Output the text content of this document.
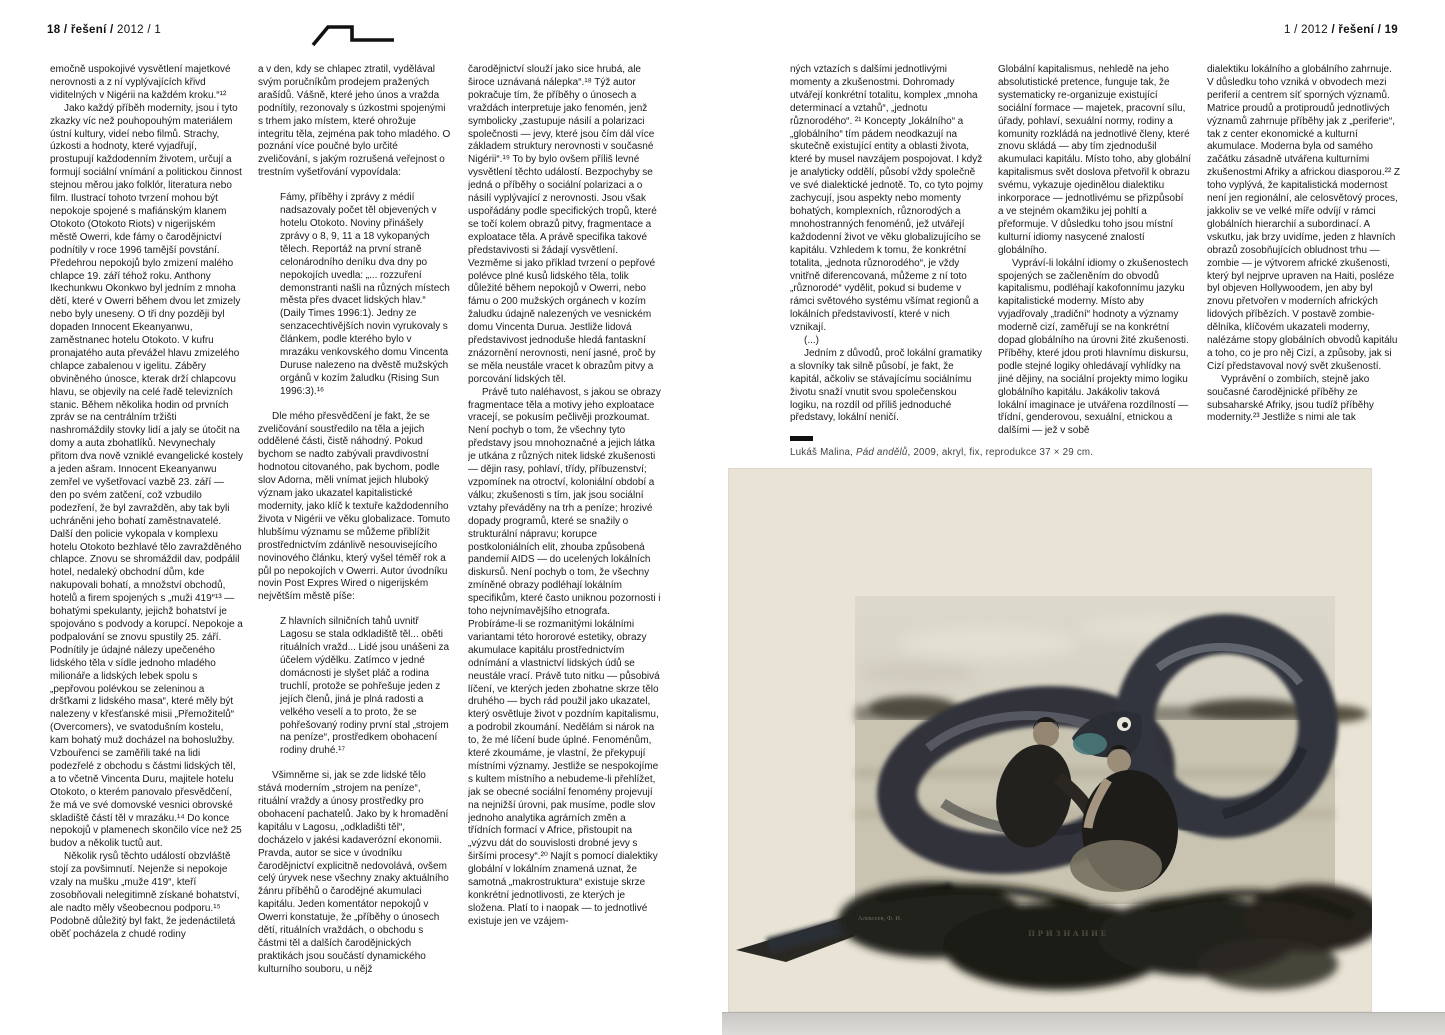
18 / řešení / 2012 / 1	1 / 2012 / řešení / 19

emočně uspokojivé vysvětlení majetkové nerovnosti a z ní vyplývajících křivd viditelných v Nigérii na každém kroku.“¹²

Jako každý příběh modernity, jsou i tyto zkazky víc než pouhopouhým materiálem ústní kultury, videí nebo filmů. Strachy, úzkosti a hodnoty, které vyjadřují, prostupují každodenním životem, určují a formují sociální vnímání a politickou činnost stejnou měrou jako folklór, literatura nebo film. Ilustrací tohoto tvrzení mohou být nepokoje spojené s mafiánským klanem Otokoto (Otokoto Riots) v nigerijském městě Owerri, kde fámy o čarodějnictví podnítily v roce 1996 tamější povstání. Předehrou nepokojů bylo zmizení malého chlapce 19. září téhož roku. Anthony Ikechunkwu Okonkwo byl jedním z mnoha dětí, které v Owerri během dvou let zmizely nebo byly uneseny. O tři dny později byl dopaden Innocent Ekeanyanwu, zaměstnanec hotelu Otokoto. V kufru pronajatého auta převážel hlavu zmizelého chlapce zabalenou v igelitu. Záběry obviněného únosce, kterak drží chlapcovu hlavu, se objevily na celé řadě televizních stanic. Během několika hodin od prvních zpráv se na centrálním tržišti nashromáždily stovky lidí a jaly se útočit na domy a auta zbohatlíků. Nevynechaly přitom dva nově vzniklé evangelické kostely a jeden ašram. Innocent Ekeanyanwu zemřel ve vyšetřovací vazbě 23. září — den po svém zatčení, což vzbudilo podezření, že byl zavražděn, aby tak byli uchráněni jeho bohatí zaměstnavatelé. Další den policie vykopala v komplexu hotelu Otokoto bezhlavé tělo zavražděného chlapce. Znovu se shromáždil dav, podpálil hotel, nedaleký obchodní dům, kde nakupovali bohatí, a množství obchodů, hotelů a firem spojených s „muži 419“¹³ — bohatými spekulanty, jejichž bohatství je spojováno s podvody a korupcí. Nepokoje a podpalování se znovu spustily 25. září. Podnítily je údajné nálezy upečeného lidského těla v sídle jednoho mladého milionáře a lidských lebek spolu s „pepřovou polévkou se zeleninou a dršťkami z lidského masa“, které měly být nalezeny v křesťanské misii „Přemožitelů“ (Overcomers), ve svatodušním kostelu, kam bohatý muž docházel na bohoslužby. Vzbouřenci se zaměřili také na lidi podezřelé z obchodu s částmi lidských těl, a to včetně Vincenta Duru, majitele hotelu Otokoto, o kterém panovalo přesvědčení, že má ve své domovské vesnici obrovské skladiště částí těl v mrazáku.¹⁴ Do konce nepokojů v plamenech skončilo více než 25 budov a několik tuctů aut.

Několik rysů těchto událostí obzvláště stojí za povšimnutí. Nejenže si nepokoje vzaly na mušku „muže 419“, kteří zosobňovali nelegitimně získané bohatství, ale nadto měly všeobecnou podporu.¹⁵ Podobně důležitý byl fakt, že jedenáctiletá oběť pocházela z chudé rodiny

a v den, kdy se chlapec ztratil, vydělával svým poručníkům prodejem pražených arašídů. Vášně, které jeho únos a vražda podnítily, rezonovaly s úzkostmi spojenými s trhem jako místem, které ohrožuje integritu těla, zejména pak toho mladého. O poznání více poučné bylo určité zveličování, s jakým rozrušená veřejnost o trestním vyšetřování vypovídala:

Fámy, příběhy i zprávy z médií nadsazovaly počet těl objevených v hotelu Otokoto. Noviny přinášely zprávy o 8, 9, 11 a 18 vykopaných tělech. Reportáž na první straně celonárodního deníku dva dny po nepokojích uvedla: „... rozzuření demonstranti našli na různých místech města přes dvacet lidských hlav.“ (Daily Times 1996:1). Jedny ze senzacechtivějších novin vyrukovaly s článkem, podle kterého bylo v mrazáku venkovského domu Vincenta Duruse nalezeno na dvěstě mužských orgánů v kozím žaludku (Rising Sun 1996:3).¹⁶

Dle mého přesvědčení je fakt, že se zveličování soustředilo na těla a jejich oddělené části, čistě náhodný. Pokud bychom se nadto zabývali pravdivostní hodnotou citovaného, pak bychom, podle slov Adorna, měli vnímat jejich hluboký význam jako ukazatel kapitalistické modernity, jako klíč k textuře každodenního života v Nigérii ve věku globalizace. Tomuto hlubšímu významu se můžeme přiblížit prostřednictvím zdánlivě nesouvisejícího novinového článku, který vyšel téměř rok a půl po nepokojích v Owerri. Autor úvodníku novin Post Expres Wired o nigerijském největším městě píše:

Z hlavních silničních tahů uvnitř Lagosu se stala odkladiště těl... oběti rituálních vražd... Lidé jsou unášeni za účelem výdělku. Zatímco v jedné domácnosti je slyšet pláč a rodina truchlí, protože se pohřešuje jeden z jejích členů, jiná je plná radosti a velkého veselí a to proto, že se pohřešovaný rodiny první stal „strojem na peníze“, prostředkem obohacení rodiny druhé.¹⁷

Všimněme si, jak se zde lidské tělo stává moderním „strojem na peníze“, rituální vraždy a únosy prostředky pro obohacení pachatelů. Jako by k hromadění kapitálu v Lagosu, „odkladišti těl“, docházelo v jakési kadaverózní ekonomii. Pravda, autor se sice v úvodníku čarodějnictví explicitně nedovolává, ovšem celý úryvek nese všechny znaky aktuálního žánru příběhů o čarodějné akumulaci kapitálu. Jeden komentátor nepokojů v Owerri konstatuje, že „příběhy o únosech dětí, rituálních vraždách, o obchodu s částmi těl a dalších čarodějnických praktikách jsou součástí dynamického kulturního souboru, u nějž

čarodějnictví slouží jako sice hrubá, ale široce uznávaná nálepka“.¹⁸ Týž autor pokračuje tím, že příběhy o únosech a vraždách interpretuje jako fenomén, jenž symbolicky „zastupuje násilí a polarizaci společnosti — jevy, které jsou čím dál více základem struktury nerovnosti v současné Nigérii“.¹⁹ To by bylo ovšem příliš levné vysvětlení těchto událostí. Bezpochyby se jedná o příběhy o sociální polarizaci a o násilí vyplývající z nerovnosti. Jsou však uspořádány podle specifických tropů, které se točí kolem obrazů pitvy, fragmentace a exploatace těla. A právě specifika takové představivosti si žádají vysvětlení. Vezměme si jako příklad tvrzení o pepřové polévce plné kusů lidského těla, tolik důležité během nepokojů v Owerri, nebo fámu o 200 mužských orgánech v kozím žaludku údajně nalezených ve vesnickém domu Vincenta Durua. Jestliže lidová představivost jednoduše hledá fantaskní znázornění nerovnosti, není jasné, proč by se měla neustále vracet k obrazům pitvy a porcování lidských těl.

Právě tuto naléhavost, s jakou se obrazy fragmentace těla a motivy jeho exploatace vracejí, se pokusím pečlivěji prozkoumat. Není pochyb o tom, že všechny tyto představy jsou mnohoznačné a jejich látka je utkána z různých nitek lidské zkušenosti — dějin rasy, pohlaví, třídy, příbuzenství; vzpomínek na otroctví, koloniální období a válku; zkušenosti s tím, jak jsou sociální vztahy převáděny na trh a peníze; hrozivé dopady programů, které se snažily o strukturální nápravu; korupce postkoloniálních elit, zhouba způsobená pandemií AIDS — do ucelených lokálních diskursů. Není pochyb o tom, že všechny zmíněné obrazy podléhají lokálním specifikům, které často uniknou pozornosti i toho nejvnímavějšího etnografa. Probíráme-li se rozmanitými lokálními variantami této hororové estetiky, obrazy akumulace kapitálu prostřednictvím odnímání a vlastnictví lidských údů se neustále vrací. Právě tuto nitku — působivá líčení, ve kterých jeden zbohatne skrze tělo druhého — bych rád použil jako ukazatel, který osvětluje život v pozdním kapitalismu, a podrobil zkoumání. Nedělám si nárok na to, že mé líčení bude úplné. Fenoménům, které zkoumáme, je vlastní, že překypují místními významy. Jestliže se nespokojíme s kultem místního a nebudeme-li přehlížet, jak se obecné sociální fenomény projevují na nejnižší úrovni, pak musíme, podle slov jednoho analytika agrárních změn a třídních formací v Africe, přistoupit na „výzvu dát do souvislosti drobné jevy s širšími procesy“.²⁰ Najít s pomocí dialektiky globální v lokálním znamená uznat, že samotná „makrostruktura“ existuje skrze konkrétní jednotlivosti, ze kterých je složena. Platí to i naopak — to jednotlivé existuje jen ve vzájem-

ných vztazích s dalšími jednotlivými momenty a zkušenostmi. Dohromady utvářejí konkrétní totalitu, komplex „mnoha determinací a vztahů“, „jednotu různorodého“. ²¹ Koncepty „lokálního“ a „globálního“ tím pádem neodkazují na skutečně existující entity a oblasti života, které by musel navzájem pospojovat. I když je analyticky oddělí, působí vždy společně ve své dialektické jednotě. To, co tyto pojmy zachycují, jsou aspekty nebo momenty bohatých, komplexních, různorodých a mnohostranných fenoménů, jež utvářejí každodenní život ve věku globalizujícího se kapitálu. Vzhledem k tomu, že konkrétní totalita, „jednota různorodého“, je vždy vnitřně diferencovaná, můžeme z ní toto „různorodé“ vydělit, pokud si budeme v rámci světového systému všímat regionů a lokálních představivostí, které v nich vznikají.

(...)

Jedním z důvodů, proč lokální gramatiky a slovníky tak silně působí, je fakt, že kapitál, ačkoliv se stávajícímu sociálnímu životu snaží vnutit svou společenskou logiku, na rozdíl od příliš jednoduché představy, lokální neničí.

Globální kapitalismus, nehledě na jeho absolutistické pretence, funguje tak, že systematicky re-organizuje existující sociální formace — majetek, pracovní sílu, úřady, pohlaví, sexuální normy, rodiny a komunity rozkládá na jednotlivé členy, které znovu skládá — aby tím zjednodušil akumulaci kapitálu. Místo toho, aby globální kapitalismus svět doslova přetvořil k obrazu svému, vykazuje ojedinělou dialektiku inkorporace — jednotlivému se přizpůsobí a ve stejném okamžiku jej pohltí a přeformuje. V důsledku toho jsou místní kulturní idiomy nasycené znalostí globálního.

Vypráví-li lokální idiomy o zkušenostech spojených se začleněním do obvodů kapitalismu, podléhají kakofonnímu jazyku kapitalistické moderny. Místo aby vyjadřovaly „tradiční“ hodnoty a významy moderně cizí, zaměřují se na konkrétní dopad globálního na úrovni žité zkušenosti. Příběhy, které jdou proti hlavnímu diskursu, podle stejné logiky ohledávají vyhlídky na jiné dějiny, na sociální projekty mimo logiku globálního kapitálu. Jakákoliv taková lokální imaginace je utvářena rozdílností — třídní, genderovou, sexuální, etnickou a dalšími — jež v sobě

dialektiku lokálního a globálního zahrnuje. V důsledku toho vzniká v obvodech mezi periferií a centrem síť sporných významů. Matrice proudů a protiproudů jednotlivých významů zahrnuje příběhy jak z „periferie“, tak z center ekonomické a kulturní akumulace. Moderna byla od samého začátku zásadně utvářena kulturními zkušenostmi Afriky a africkou diasporou.²² Z toho vyplývá, že kapitalistická modernost není jen regionální, ale celosvětový proces, jakkoliv se ve velké míře odvíjí v rámci globálních hierarchií a subordinací. A vskutku, jak brzy uvidíme, jeden z hlavních obrazů zosobňujících obludnost trhu — zombie — je výtvorem africké zkušenosti, který byl nejprve upraven na Haiti, posléze byl objeven Hollywoodem, jen aby byl znovu přetvořen v moderních afrických lidových příbězích. V postavě zombie-dělníka, klíčovém ukazateli moderny, nalézáme stopy globálních obvodů kapitálu a toho, co je pro něj Cizí, a způsoby, jak si Cizí představoval nový svět zkušeností.

Vyprávění o zombiích, stejně jako současné čarodějnické příběhy ze subsaharské Afriky, jsou tudíž příběhy modernity.²³ Jestliže s nimi ale tak

Lukáš Malina, Pád andělů, 2009, akryl, fix, reprodukce 37 × 29 cm.
Алексеев, Ф. И.
ПРИЗНАНИЕ
